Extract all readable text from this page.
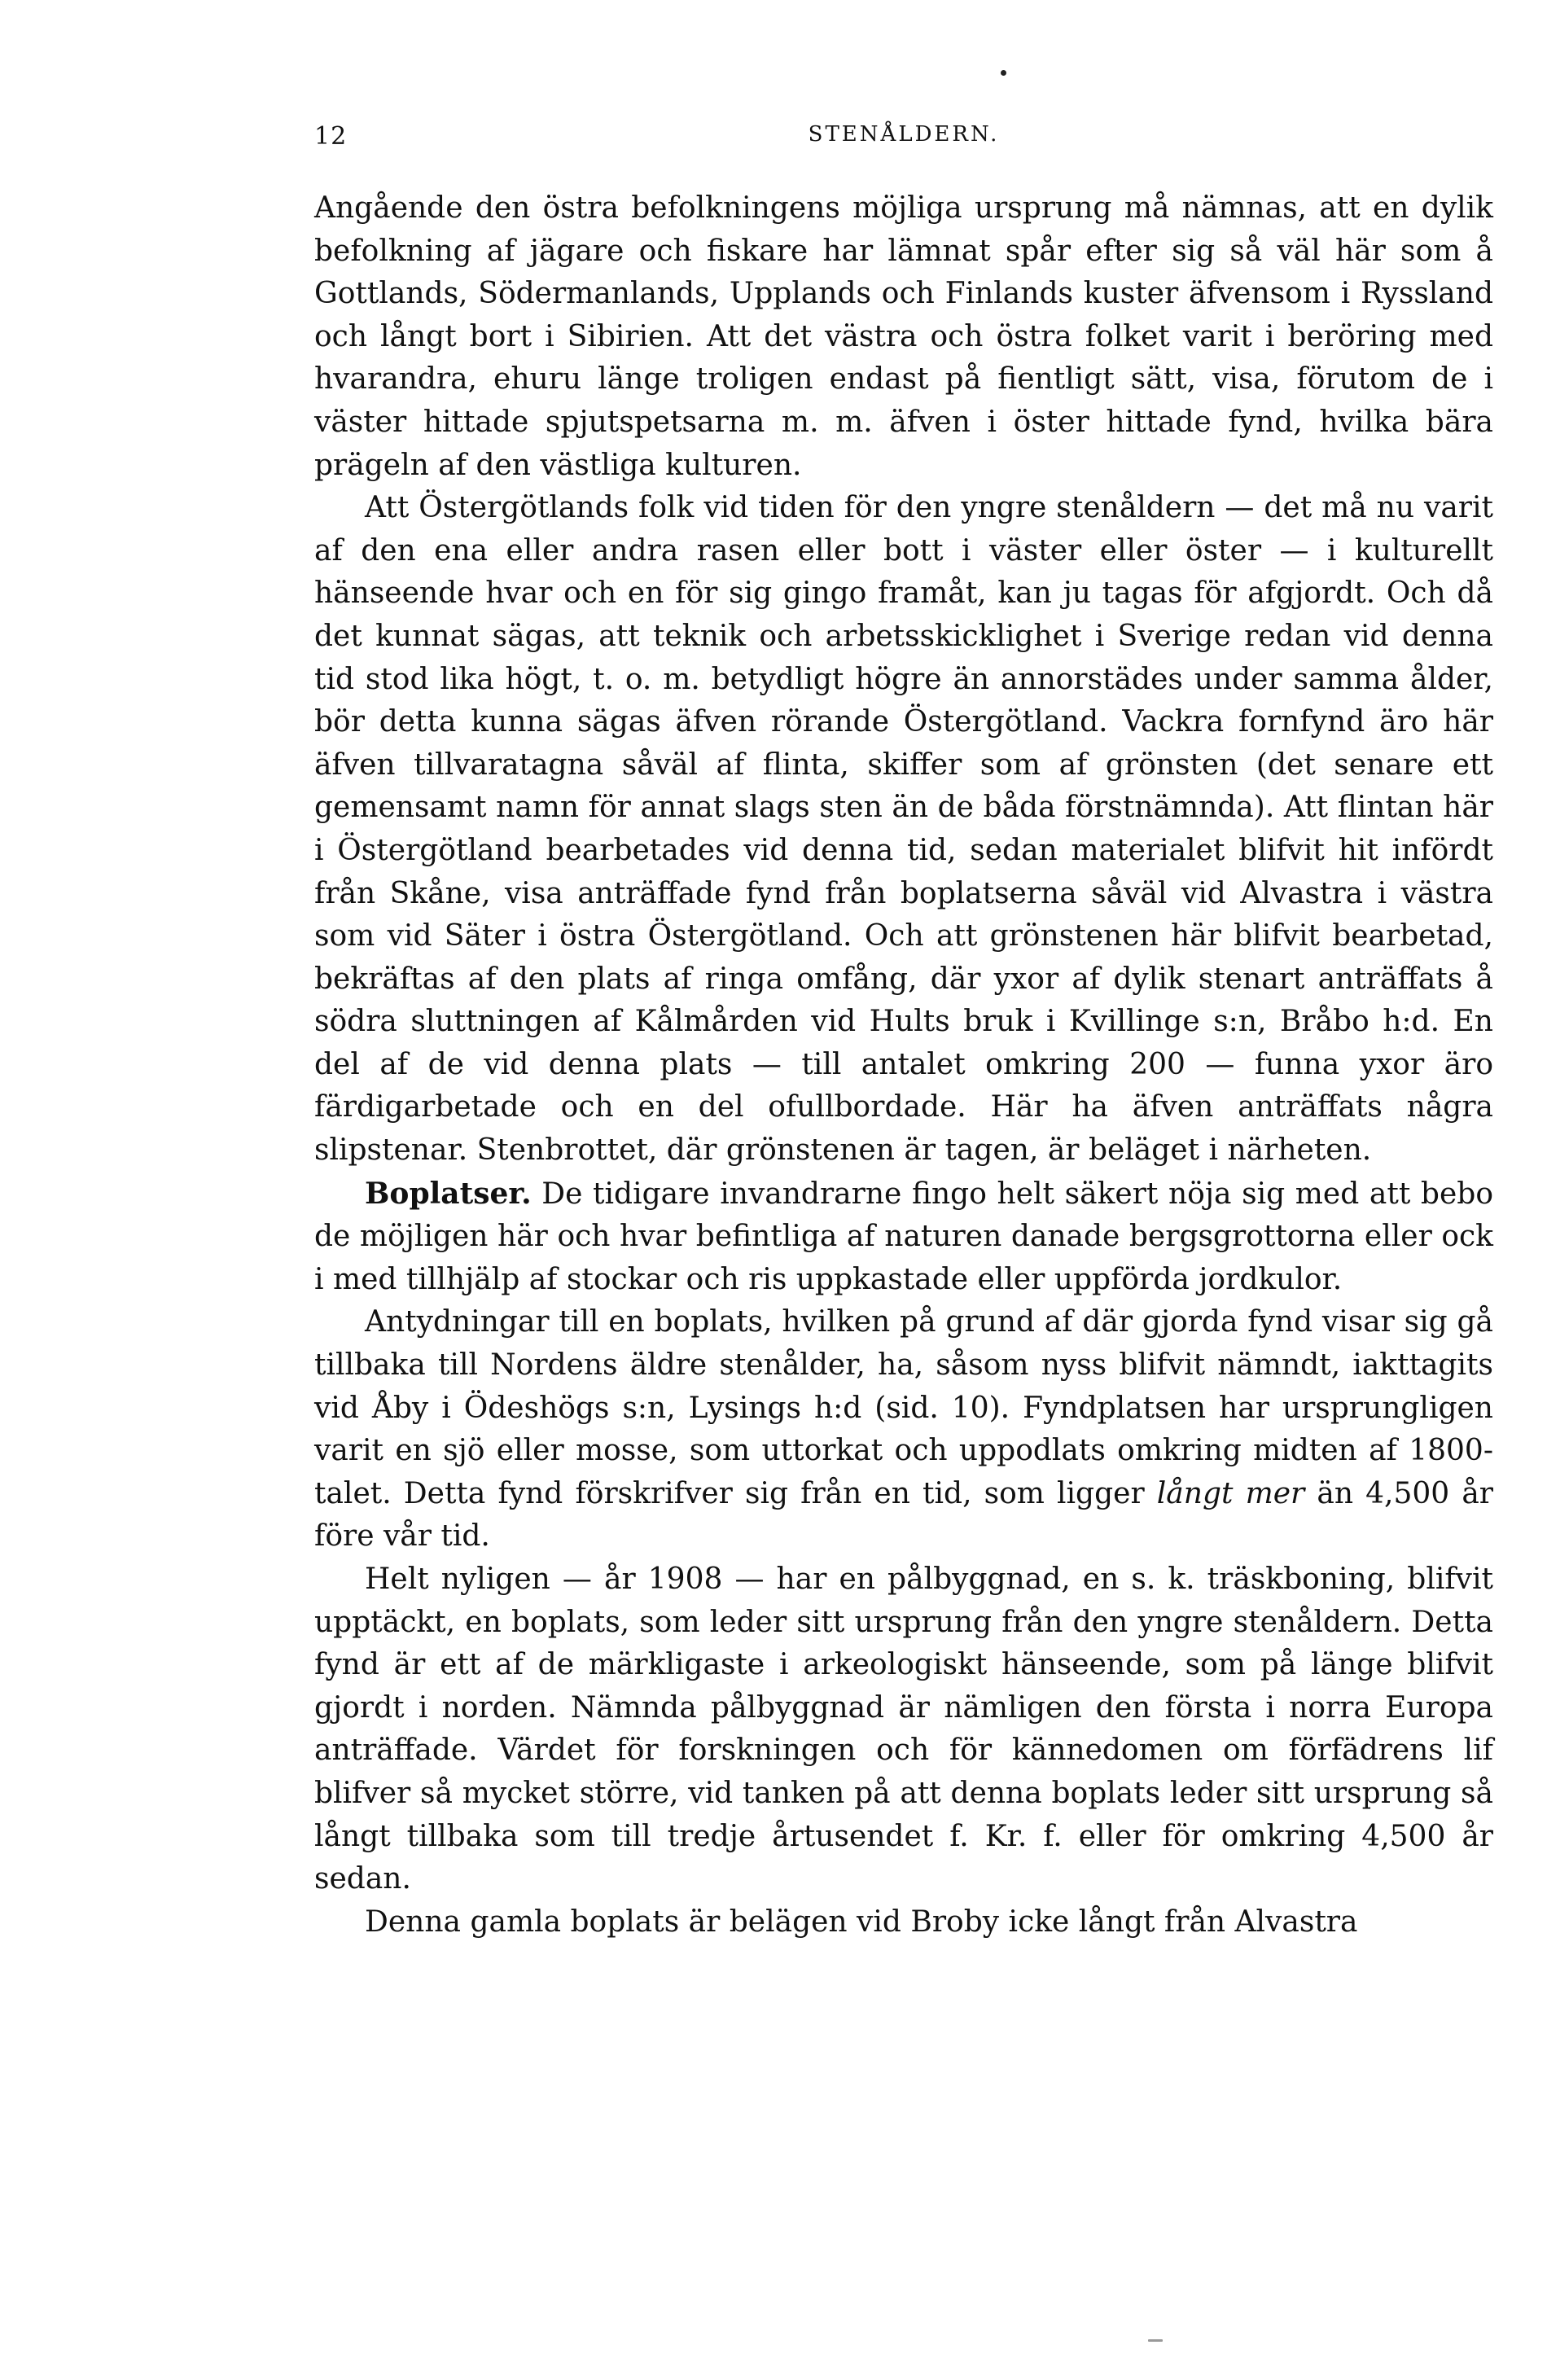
12	STENÅLDERN.

Angående den östra befolkningens möjliga ursprung må nämnas, att en dylik befolkning af jägare och fiskare har lämnat spår efter sig så väl här som å Gottlands, Södermanlands, Upplands och Finlands kuster äfvensom i Ryssland och långt bort i Sibirien. Att det västra och östra folket varit i beröring med hvarandra, ehuru länge troligen endast på fientligt sätt, visa, förutom de i väster hittade spjutspetsarna m. m. äfven i öster hittade fynd, hvilka bära prägeln af den västliga kulturen.

Att Östergötlands folk vid tiden för den yngre stenåldern — det må nu varit af den ena eller andra rasen eller bott i väster eller öster — i kulturellt hänseende hvar och en för sig gingo framåt, kan ju tagas för afgjordt. Och då det kunnat sägas, att teknik och arbetsskicklighet i Sverige redan vid denna tid stod lika högt, t. o. m. betydligt högre än annorstädes under samma ålder, bör detta kunna sägas äfven rörande Östergötland. Vackra fornfynd äro här äfven tillvaratagna såväl af flinta, skiffer som af grönsten (det senare ett gemensamt namn för annat slags sten än de båda förstnämnda). Att flintan här i Östergötland bearbetades vid denna tid, sedan materialet blifvit hit infördt från Skåne, visa anträffade fynd från boplatserna såväl vid Alvastra i västra som vid Säter i östra Östergötland. Och att grönstenen här blifvit bearbetad, bekräftas af den plats af ringa omfång, där yxor af dylik stenart anträffats å södra sluttningen af Kålmården vid Hults bruk i Kvillinge s:n, Bråbo h:d. En del af de vid denna plats — till antalet omkring 200 — funna yxor äro färdigarbetade och en del ofullbordade. Här ha äfven anträffats några slipstenar. Stenbrottet, där grönstenen är tagen, är beläget i närheten.

Boplatser. De tidigare invandrarne fingo helt säkert nöja sig med att bebo de möjligen här och hvar befintliga af naturen danade bergsgrottorna eller ock i med tillhjälp af stockar och ris uppkastade eller uppförda jordkulor.

Antydningar till en boplats, hvilken på grund af där gjorda fynd visar sig gå tillbaka till Nordens äldre stenålder, ha, såsom nyss blifvit nämndt, iakttagits vid Åby i Ödeshögs s:n, Lysings h:d (sid. 10). Fyndplatsen har ursprungligen varit en sjö eller mosse, som uttorkat och uppodlats omkring midten af 1800-talet. Detta fynd förskrifver sig från en tid, som ligger långt mer än 4,500 år före vår tid.

Helt nyligen — år 1908 — har en pålbyggnad, en s. k. träskboning, blifvit upptäckt, en boplats, som leder sitt ursprung från den yngre stenåldern. Detta fynd är ett af de märkligaste i arkeologiskt hänseende, som på länge blifvit gjordt i norden. Nämnda pålbyggnad är nämligen den första i norra Europa anträffade. Värdet för forskningen och för kännedomen om förfädrens lif blifver så mycket större, vid tanken på att denna boplats leder sitt ursprung så långt tillbaka som till tredje årtusendet f. Kr. f. eller för omkring 4,500 år sedan.

Denna gamla boplats är belägen vid Broby icke långt från Alvastra
